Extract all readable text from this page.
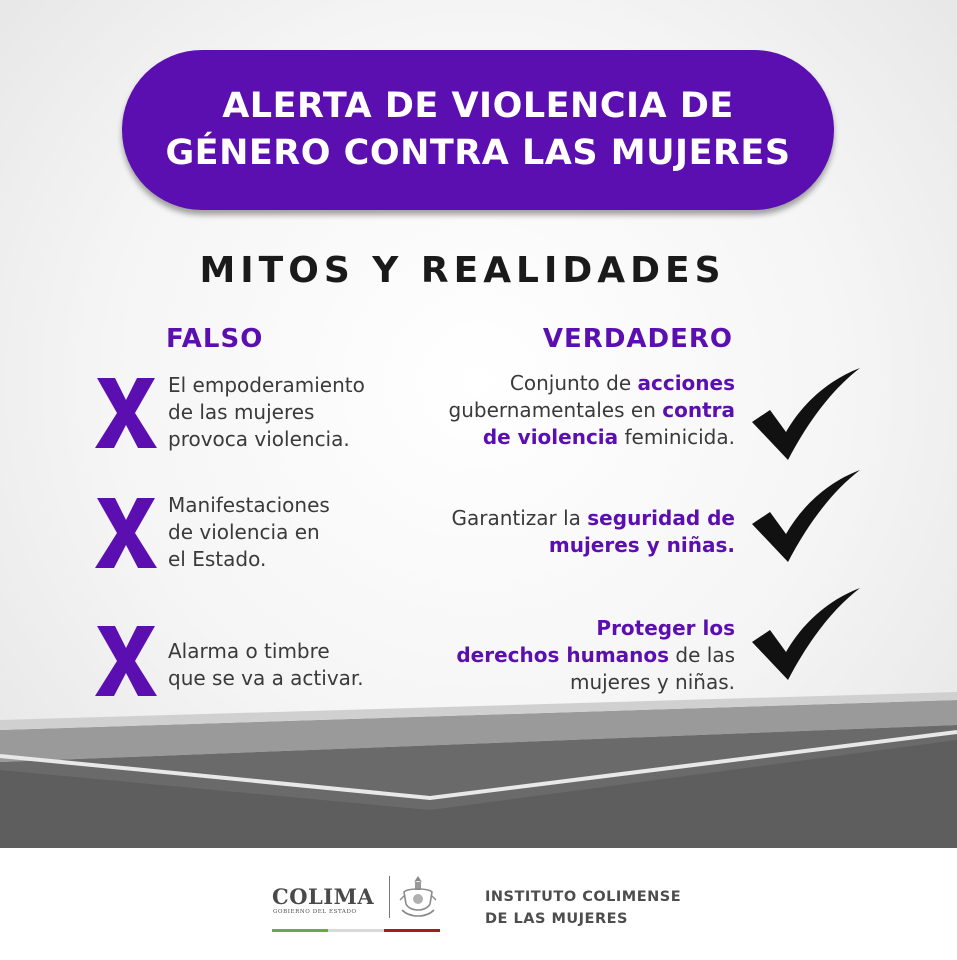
ALERTA DE VIOLENCIA DE
GÉNERO CONTRA LAS MUJERES
MITOS Y REALIDADES
FALSO	VERDADERO
El empoderamiento
de las mujeres
provoca violencia.
Manifestaciones
de violencia en
el Estado.
Alarma o timbre
que se va a activar.
Conjunto de acciones
gubernamentales en contra
de violencia feminicida.
Garantizar la seguridad de
mujeres y niñas.
Proteger los
derechos humanos de las
mujeres y niñas.
COLIMA
GOBIERNO DEL ESTADO
INSTITUTO COLIMENSE
DE LAS MUJERES
